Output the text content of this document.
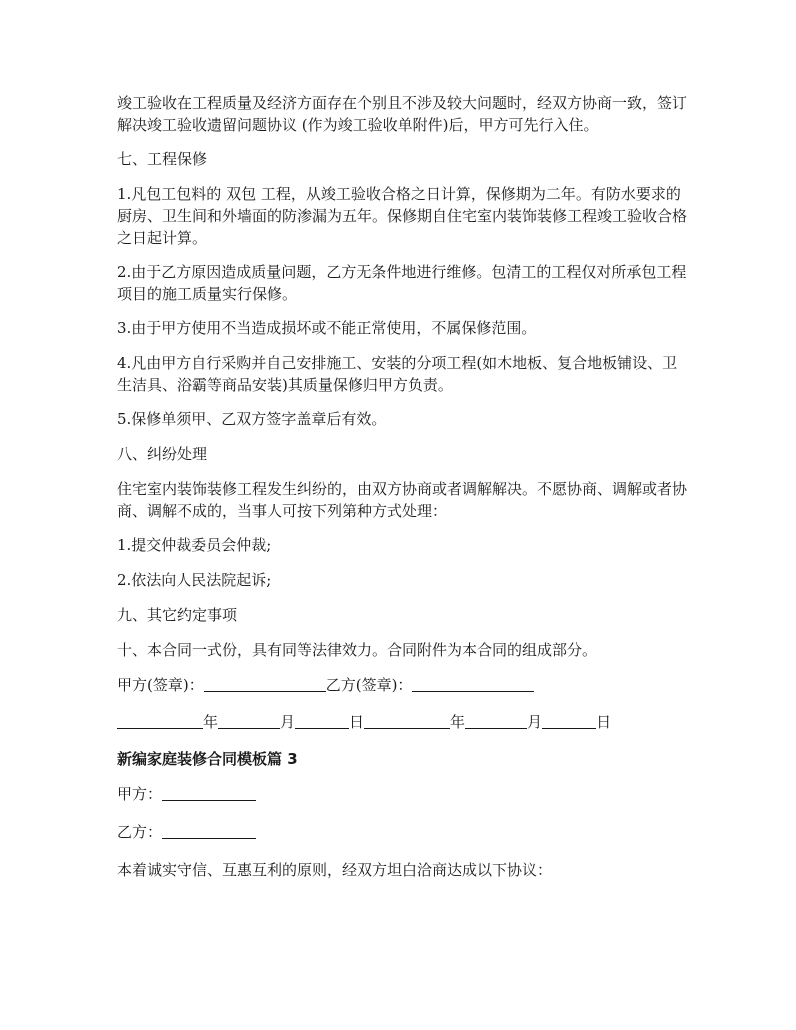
竣工验收在工程质量及经济方面存在个别且不涉及较大问题时，经双方协商一致，签订 解决竣工验收遗留问题协议 (作为竣工验收单附件)后，甲方可先行入住。

七、工程保修

1.凡包工包料的 双包 工程，从竣工验收合格之日计算，保修期为二年。有防水要求的厨房、卫生间和外墙面的防渗漏为五年。保修期自住宅室内装饰装修工程竣工验收合格之日起计算。

2.由于乙方原因造成质量问题，乙方无条件地进行维修。包清工的工程仅对所承包工程项目的施工质量实行保修。

3.由于甲方使用不当造成损坏或不能正常使用，不属保修范围。

4.凡由甲方自行采购并自己安排施工、安装的分项工程(如木地板、复合地板铺设、卫生洁具、浴霸等商品安装)其质量保修归甲方负责。

5.保修单须甲、乙双方签字盖章后有效。

八、纠纷处理

住宅室内装饰装修工程发生纠纷的，由双方协商或者调解解决。不愿协商、调解或者协商、调解不成的，当事人可按下列第种方式处理：

1.提交仲裁委员会仲裁;

2.依法向人民法院起诉;

九、其它约定事项

十、本合同一式份，具有同等法律效力。合同附件为本合同的组成部分。

甲方(签章)：	乙方(签章)：
年	月	日	年	月	日
新编家庭装修合同模板篇 3
甲方：
乙方：

本着诚实守信、互惠互利的原则，经双方坦白洽商达成以下协议：
